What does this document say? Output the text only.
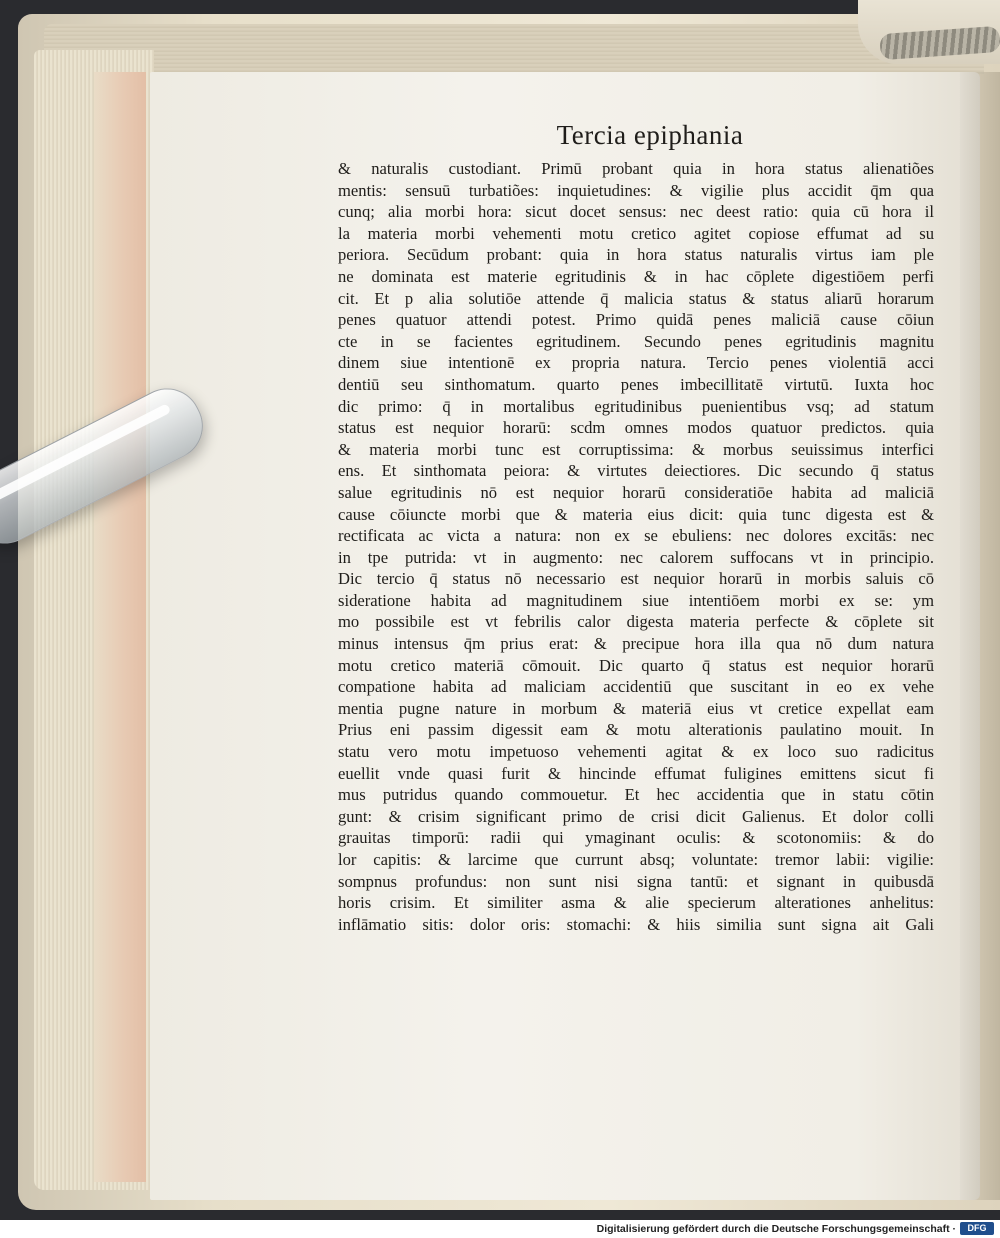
Tercia epiphania
& naturalis custodiant. Primū probant quia in hora status alienatiões
mentis: sensuū turbatiões: inquietudines: & vigilie plus accidit q̄m qua
cunq; alia morbi hora: sicut docet sensus: nec deest ratio: quia cū hora il
la materia morbi vehementi motu cretico agitet copiose effumat ad su
periora. Secūdum probant: quia in hora status naturalis virtus iam ple
ne dominata est materie egritudinis & in hac cōplete digestiōem perfi
cit. Et p alia solutiōe attende q̄ malicia status & status aliarū horarum
penes quatuor attendi potest. Primo quidā penes maliciā cause cōiun
cte in se facientes egritudinem. Secundo penes egritudinis magnitu
dinem siue intentionē ex propria natura. Tercio penes violentiā acci
dentiū seu sinthomatum. quarto penes imbecillitatē virtutū. Iuxta hoc
dic primo: q̄ in mortalibus egritudinibus puenientibus vsq; ad statum
status est nequior horarū: scdm omnes modos quatuor predictos. quia
& materia morbi tunc est corruptissima: & morbus seuissimus interfici
ens. Et sinthomata peiora: & virtutes deiectiores. Dic secundo q̄ status
salue egritudinis nō est nequior horarū consideratiōe habita ad maliciā
cause cōiuncte morbi que & materia eius dicit: quia tunc digesta est &
rectificata ac victa a natura: non ex se ebuliens: nec dolores excitās: nec
in tpe putrida: vt in augmento: nec calorem suffocans vt in principio.
Dic tercio q̄ status nō necessario est nequior horarū in morbis saluis cō
sideratione habita ad magnitudinem siue intentiōem morbi ex se: ym
mo possibile est vt febrilis calor digesta materia perfecte & cōplete sit
minus intensus q̄m prius erat: & precipue hora illa qua nō dum natura
motu cretico materiā cōmouit. Dic quarto q̄ status est nequior horarū
compatione habita ad maliciam accidentiū que suscitant in eo ex vehe
mentia pugne nature in morbum & materiā eius vt cretice expellat eam
Prius eni passim digessit eam & motu alterationis paulatino mouit. In
statu vero motu impetuoso vehementi agitat & ex loco suo radicitus
euellit vnde quasi furit & hincinde effumat fuligines emittens sicut fi
mus putridus quando commouetur. Et hec accidentia que in statu cōtin
gunt: & crisim significant primo de crisi dicit Galienus. Et dolor colli
grauitas timporū: radii qui ymaginant oculis: & scotonomiis: & do
lor capitis: & larcime que currunt absq; voluntate: tremor labii: vigilie:
sompnus profundus: non sunt nisi signa tantū: et signant in quibusdā
horis crisim. Et similiter asma & alie specierum alterationes anhelitus:
inflāmatio sitis: dolor oris: stomachi: & hiis similia sunt signa ait Gali
Digitalisierung gefördert durch die Deutsche Forschungsgemeinschaft ·	DFG
